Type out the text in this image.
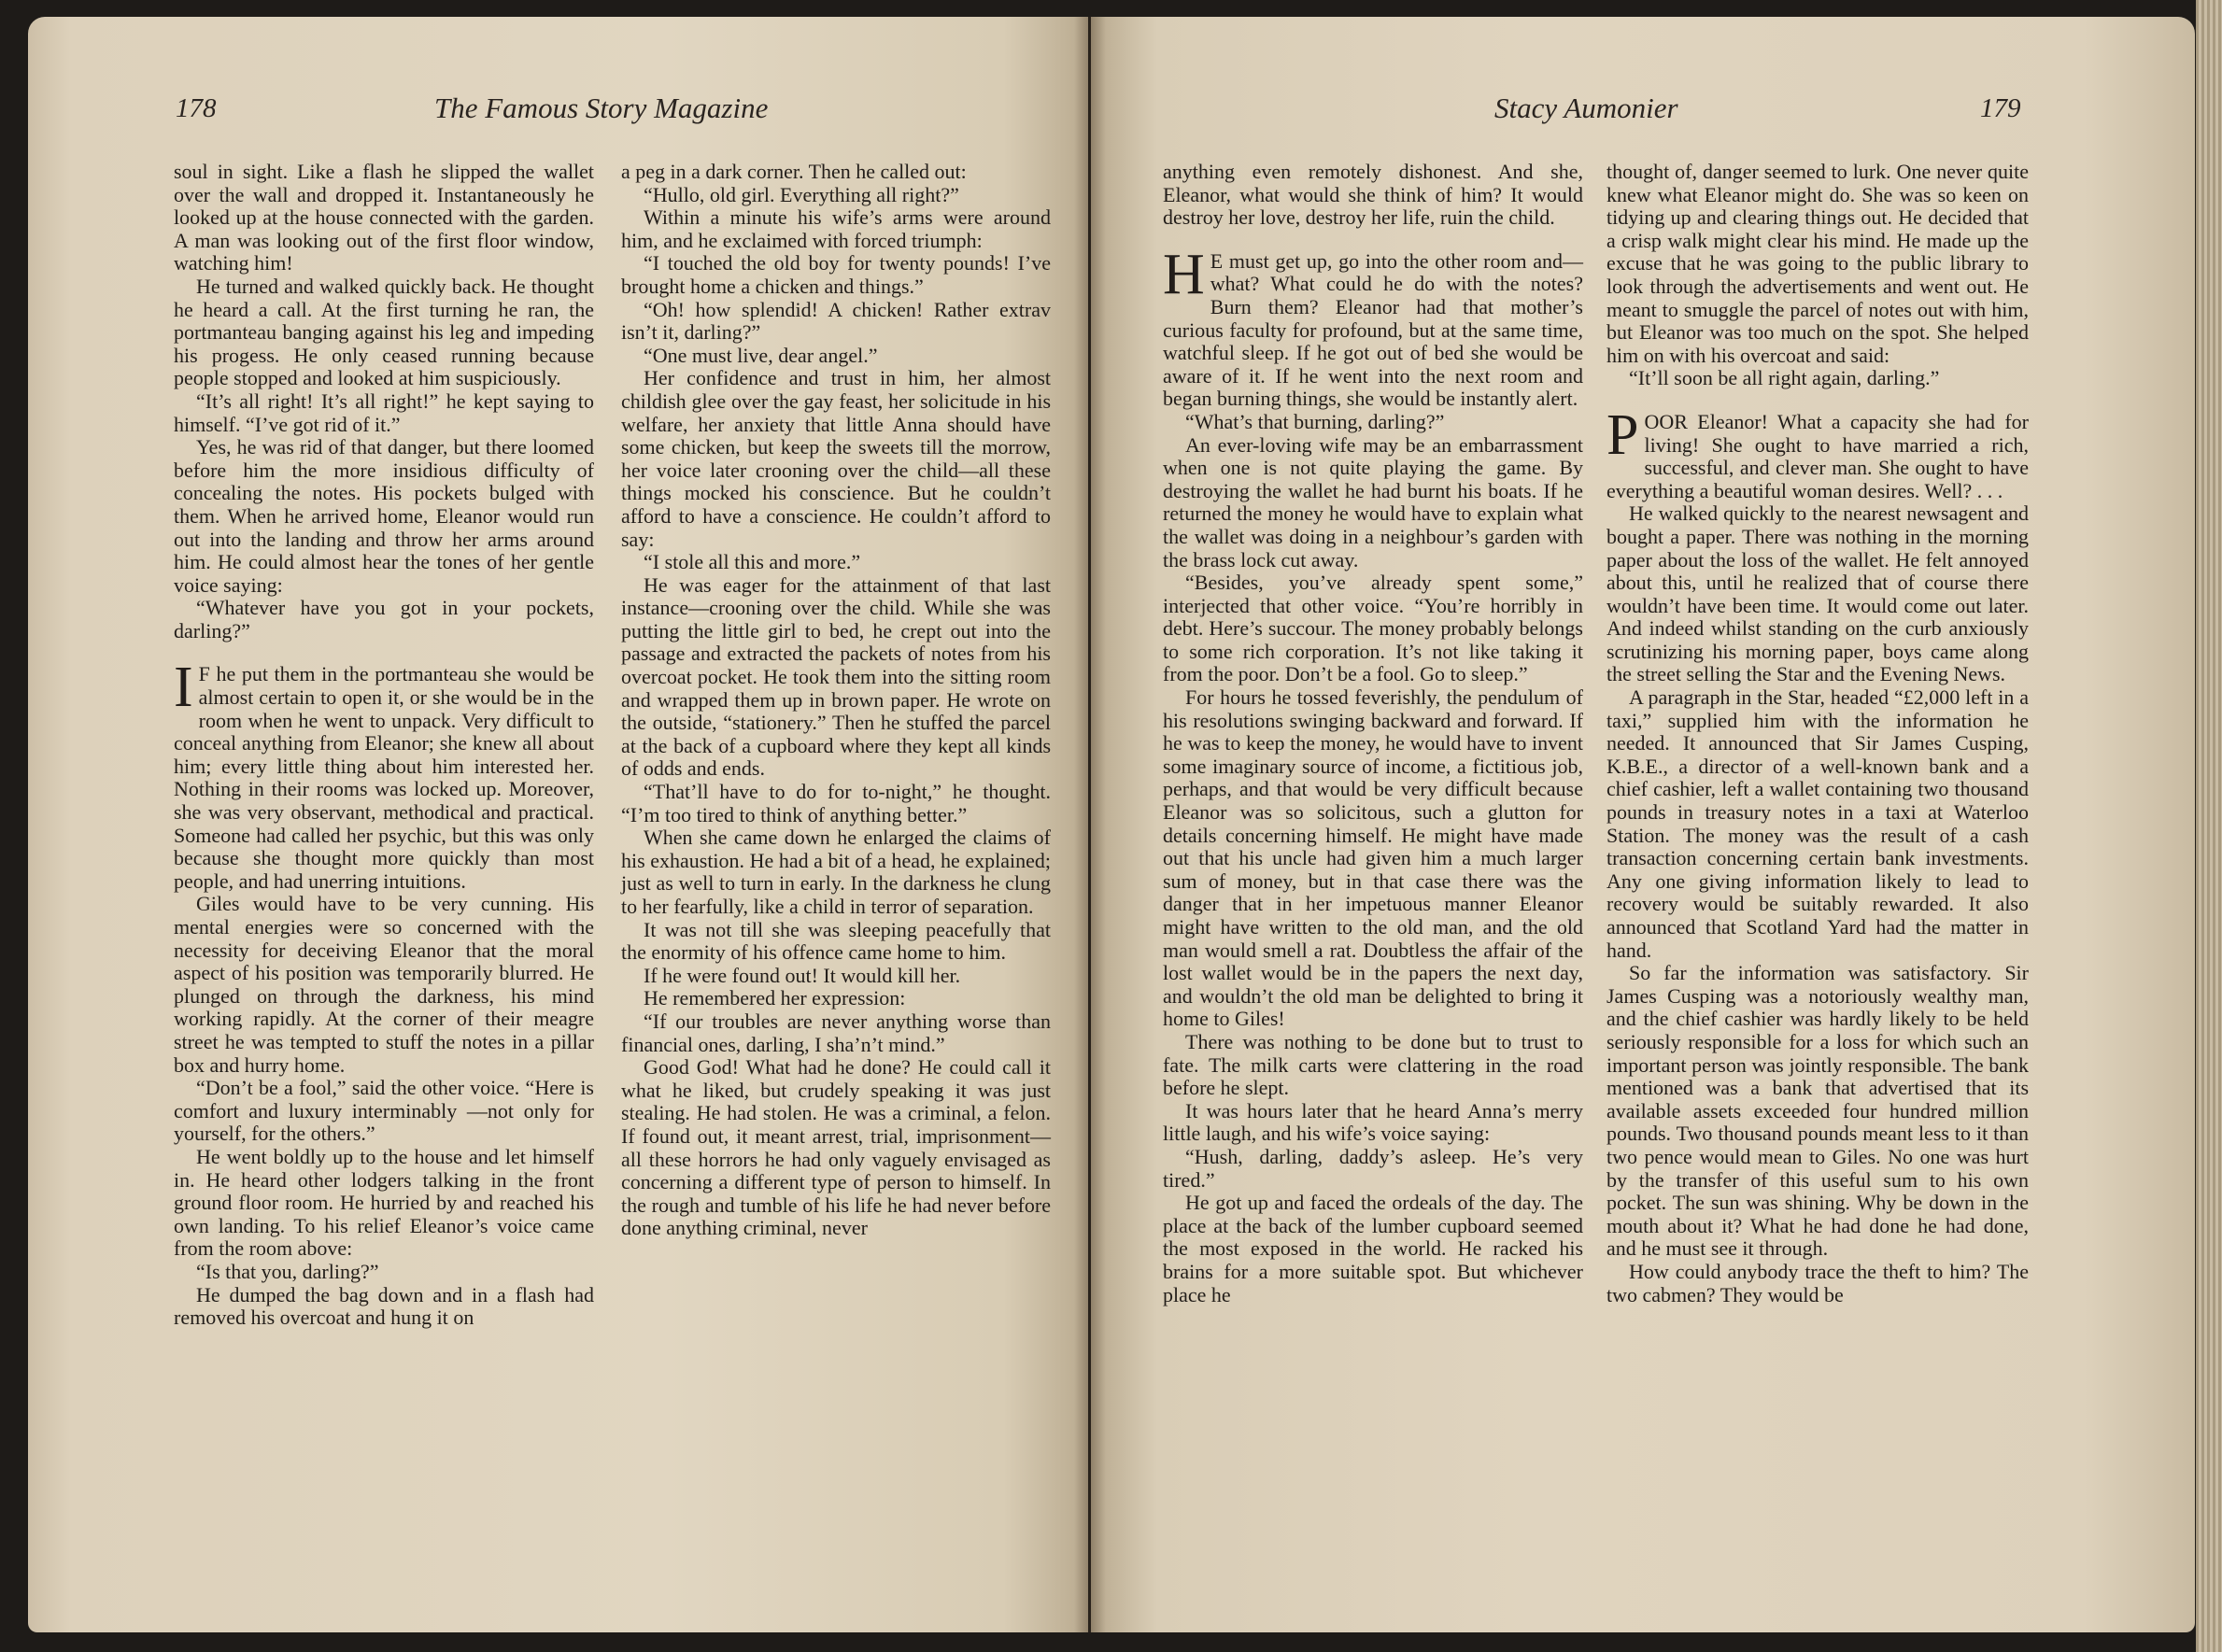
178	The Famous Story Magazine	Stacy Aumonier	179

soul in sight. Like a flash he slipped the wallet over the wall and dropped it. Instantaneously he looked up at the house connected with the garden. A man was looking out of the first floor window, watching him!

He turned and walked quickly back. He thought he heard a call. At the first turning he ran, the portmanteau banging against his leg and impeding his progess. He only ceased running because people stopped and looked at him suspiciously.

“It’s all right! It’s all right!” he kept saying to himself. “I’ve got rid of it.”

Yes, he was rid of that danger, but there loomed before him the more insidious difficulty of concealing the notes. His pockets bulged with them. When he arrived home, Eleanor would run out into the landing and throw her arms around him. He could almost hear the tones of her gentle voice saying:

“Whatever have you got in your pockets, darling?”

I F he put them in the portmanteau she would be almost certain to open it, or she would be in the room when he went to unpack. Very difficult to conceal anything from Eleanor; she knew all about him; every little thing about him interested her. Nothing in their rooms was locked up. Moreover, she was very observant, methodical and practical. Someone had called her psychic, but this was only because she thought more quickly than most people, and had unerring intuitions.

Giles would have to be very cunning. His mental energies were so concerned with the necessity for deceiving Eleanor that the moral aspect of his position was temporarily blurred. He plunged on through the darkness, his mind working rapidly. At the corner of their meagre street he was tempted to stuff the notes in a pillar box and hurry home.

“Don’t be a fool,” said the other voice. “Here is comfort and luxury interminably —not only for yourself, for the others.”

He went boldly up to the house and let himself in. He heard other lodgers talking in the front ground floor room. He hurried by and reached his own landing. To his relief Eleanor’s voice came from the room above:

“Is that you, darling?”

He dumped the bag down and in a flash had removed his overcoat and hung it on

a peg in a dark corner. Then he called out:

“Hullo, old girl. Everything all right?”

Within a minute his wife’s arms were around him, and he exclaimed with forced triumph:

“I touched the old boy for twenty pounds! I’ve brought home a chicken and things.”

“Oh! how splendid! A chicken! Rather extrav isn’t it, darling?”

“One must live, dear angel.”

Her confidence and trust in him, her almost childish glee over the gay feast, her solicitude in his welfare, her anxiety that little Anna should have some chicken, but keep the sweets till the morrow, her voice later crooning over the child—all these things mocked his conscience. But he couldn’t afford to have a conscience. He couldn’t afford to say:

“I stole all this and more.”

He was eager for the attainment of that last instance—crooning over the child. While she was putting the little girl to bed, he crept out into the passage and extracted the packets of notes from his overcoat pocket. He took them into the sitting room and wrapped them up in brown paper. He wrote on the outside, “stationery.” Then he stuffed the parcel at the back of a cupboard where they kept all kinds of odds and ends.

“That’ll have to do for to-night,” he thought. “I’m too tired to think of anything better.”

When she came down he enlarged the claims of his exhaustion. He had a bit of a head, he explained; just as well to turn in early. In the darkness he clung to her fearfully, like a child in terror of separation.

It was not till she was sleeping peacefully that the enormity of his offence came home to him.

If he were found out! It would kill her.

He remembered her expression:

“If our troubles are never anything worse than financial ones, darling, I sha’n’t mind.”

Good God! What had he done? He could call it what he liked, but crudely speaking it was just stealing. He had stolen. He was a criminal, a felon. If found out, it meant arrest, trial, imprisonment—all these horrors he had only vaguely envisaged as concerning a different type of person to himself. In the rough and tumble of his life he had never before done anything criminal, never

anything even remotely dishonest. And she, Eleanor, what would she think of him? It would destroy her love, destroy her life, ruin the child.

H E must get up, go into the other room and—what? What could he do with the notes? Burn them? Eleanor had that mother’s curious faculty for profound, but at the same time, watchful sleep. If he got out of bed she would be aware of it. If he went into the next room and began burning things, she would be instantly alert.

“What’s that burning, darling?”

An ever-loving wife may be an embarrassment when one is not quite playing the game. By destroying the wallet he had burnt his boats. If he returned the money he would have to explain what the wallet was doing in a neighbour’s garden with the brass lock cut away.

“Besides, you’ve already spent some,” interjected that other voice. “You’re horribly in debt. Here’s succour. The money probably belongs to some rich corporation. It’s not like taking it from the poor. Don’t be a fool. Go to sleep.”

For hours he tossed feverishly, the pendulum of his resolutions swinging backward and forward. If he was to keep the money, he would have to invent some imaginary source of income, a fictitious job, perhaps, and that would be very difficult because Eleanor was so solicitous, such a glutton for details concerning himself. He might have made out that his uncle had given him a much larger sum of money, but in that case there was the danger that in her impetuous manner Eleanor might have written to the old man, and the old man would smell a rat. Doubtless the affair of the lost wallet would be in the papers the next day, and wouldn’t the old man be delighted to bring it home to Giles!

There was nothing to be done but to trust to fate. The milk carts were clattering in the road before he slept.

It was hours later that he heard Anna’s merry little laugh, and his wife’s voice saying:

“Hush, darling, daddy’s asleep. He’s very tired.”

He got up and faced the ordeals of the day. The place at the back of the lumber cupboard seemed the most exposed in the world. He racked his brains for a more suitable spot. But whichever place he

thought of, danger seemed to lurk. One never quite knew what Eleanor might do. She was so keen on tidying up and clearing things out. He decided that a crisp walk might clear his mind. He made up the excuse that he was going to the public library to look through the advertisements and went out. He meant to smuggle the parcel of notes out with him, but Eleanor was too much on the spot. She helped him on with his overcoat and said:

“It’ll soon be all right again, darling.”

POOR Eleanor! What a capacity she had for living! She ought to have married a rich, successful, and clever man. She ought to have everything a beautiful woman desires. Well? . . .

He walked quickly to the nearest newsagent and bought a paper. There was nothing in the morning paper about the loss of the wallet. He felt annoyed about this, until he realized that of course there wouldn’t have been time. It would come out later. And indeed whilst standing on the curb anxiously scrutinizing his morning paper, boys came along the street selling the Star and the Evening News.

A paragraph in the Star, headed “£2,000 left in a taxi,” supplied him with the information he needed. It announced that Sir James Cusping, K.B.E., a director of a well-known bank and a chief cashier, left a wallet containing two thousand pounds in treasury notes in a taxi at Waterloo Station. The money was the result of a cash transaction concerning certain bank investments. Any one giving information likely to lead to recovery would be suitably rewarded. It also announced that Scotland Yard had the matter in hand.

So far the information was satisfactory. Sir James Cusping was a notoriously wealthy man, and the chief cashier was hardly likely to be held seriously responsible for a loss for which such an important person was jointly responsible. The bank mentioned was a bank that advertised that its available assets exceeded four hundred million pounds. Two thousand pounds meant less to it than two pence would mean to Giles. No one was hurt by the transfer of this useful sum to his own pocket. The sun was shining. Why be down in the mouth about it? What he had done he had done, and he must see it through.

How could anybody trace the theft to him? The two cabmen? They would be
